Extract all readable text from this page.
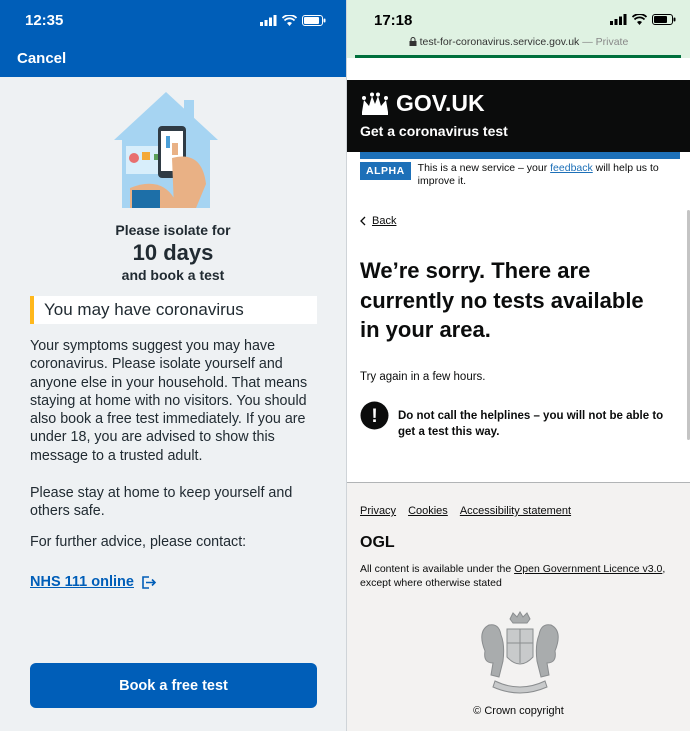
12:35
Cancel
Please isolate for
10 days
and book a test
You may have coronavirus

Your symptoms suggest you may have coronavirus. Please isolate yourself and anyone else in your household. That means staying at home with no visitors. You should also book a free test immediately. If you are under 18, you are advised to show this message to a trusted adult.

Please stay at home to keep yourself and others safe.

For further advice, please contact:

NHS 111 online
Book a free test
17:18
test-for-coronavirus.service.gov.uk — Private
GOV.UK
Get a coronavirus test
ALPHA	This is a new service – your feedback will help us to improve it.
Back
We’re sorry. There are currently no tests available in your area.

Try again in a few hours.

! Do not call the helplines – you will not be able to get a test this way.
Privacy Cookies Accessibility statement
OGL

All content is available under the Open Government Licence v3.0, except where otherwise stated

© Crown copyright
